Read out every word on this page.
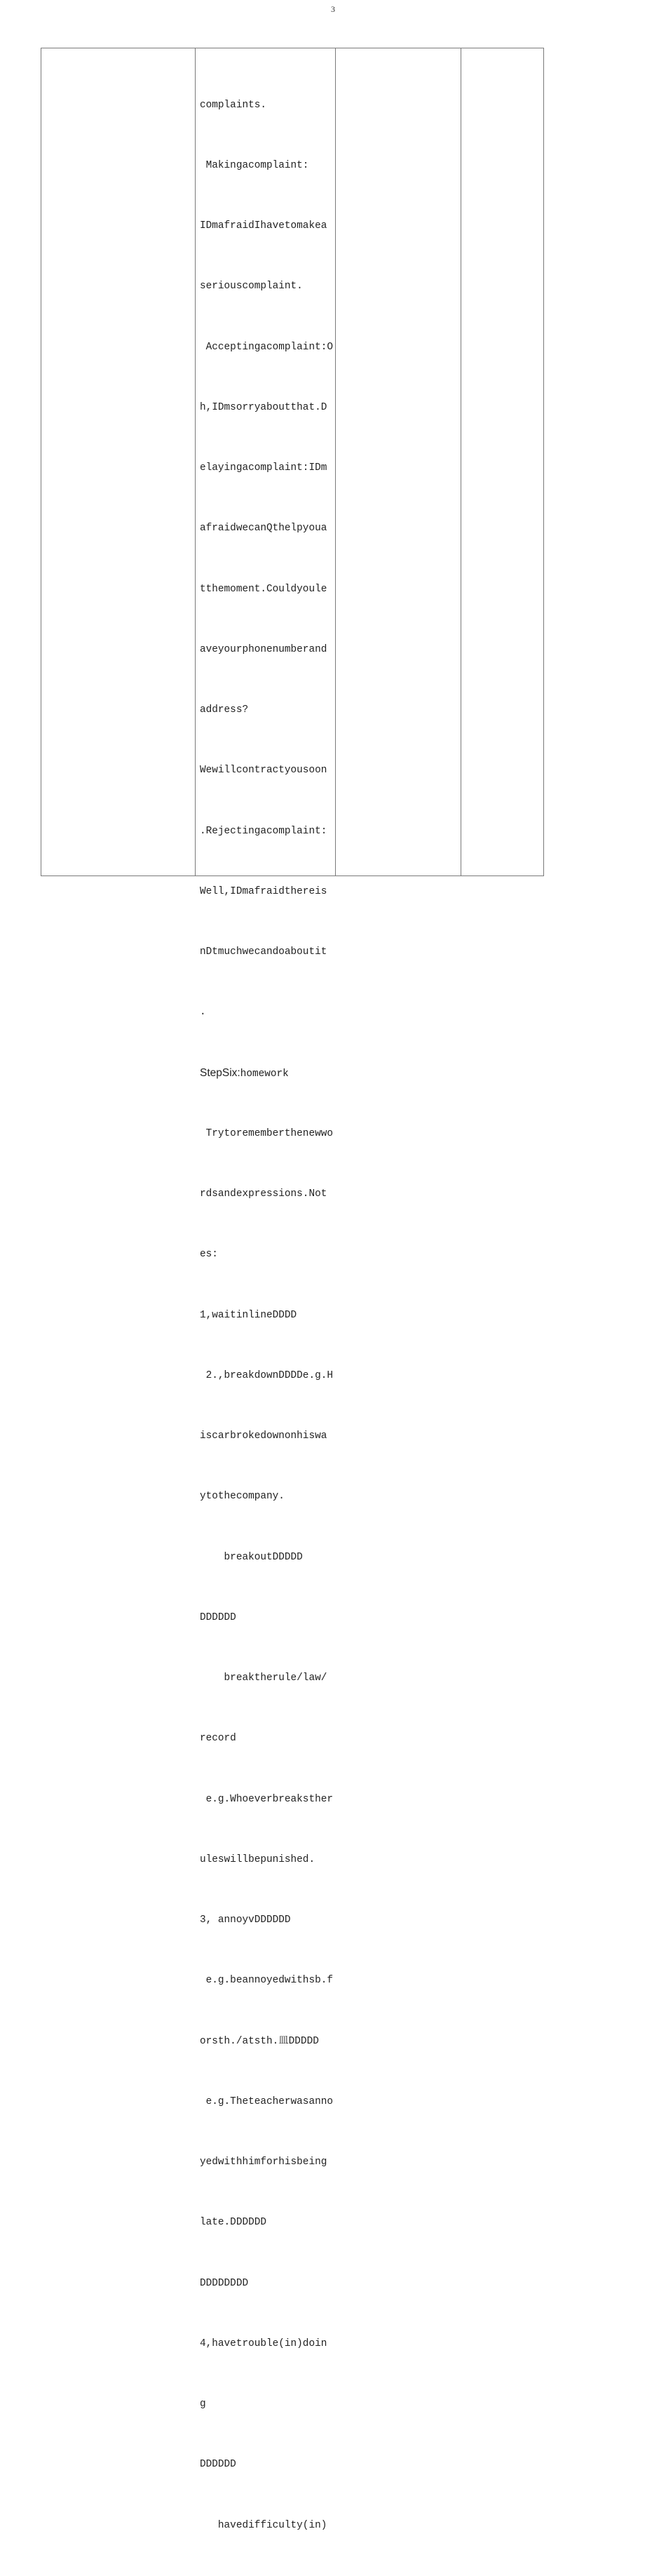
3

complaints.

Makingacomplaint:

IDmafraidIhavetomakea

seriouscomplaint.

Acceptingacomplaint:O

h,IDmsorryaboutthat.D

elayingacomplaint:IDm

afraidwecanQthelpyoua

tthemoment.Couldyoule

aveyourphonenumberand

address?

Wewillcontractyousoon

.Rejectingacomplaint:

Well,IDmafraidthereis

nDtmuchwecandoaboutit

.

StepSix:homework

Trytorememberthenewwo

rdsandexpressions.Not

es:

1,waitinlineDDDD

2.,breakdownDDDDe.g.H

iscarbrokedownonhiswa

ytothecompany.

breakoutDDDDD

DDDDDD

breaktherule/law/

record

e.g.Whoeverbreaksther

uleswillbepunished.

3, annoyvDDDDDD

e.g.beannoyedwithsb.f

orsth./atsth.皿DDDDD

e.g.Theteacherwasanno

yedwithhimforhisbeing

late.DDDDDD

DDDDDDDD

4,havetrouble(in)doin

g

DDDDDD

havedifficulty(in)
